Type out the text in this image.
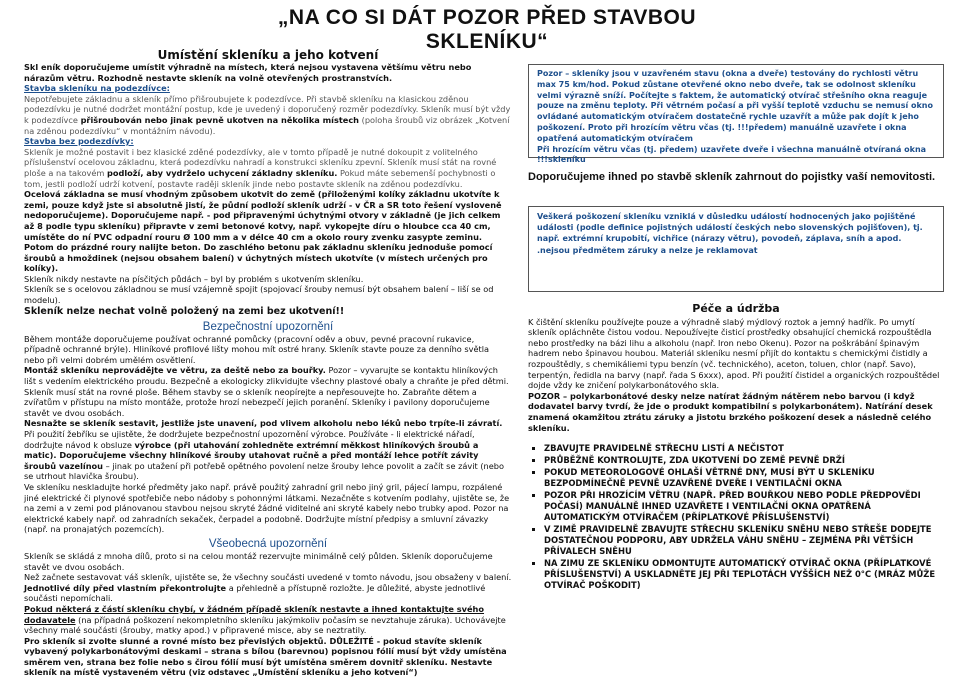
„NA CO SI DÁT POZOR PŘED STAVBOU SKLENÍKU“
Umístění skleníku a jeho kotvení

Skl eník doporučujeme umístit výhradně na místech, která nejsou vystavena většímu větru nebo nárazům větru. Rozhodně nestavte skleník na volně otevřených prostranstvích.

Stavba skleníku na podezdívce:

Nepotřebujete základnu a skleník přímo přišroubujete k podezdívce. Při stavbě skleníku na klasickou zděnou podezdívku je nutné dodržet montážní postup, kde je uvedený i doporučený rozměr podezdívky. Skleník musí být vždy k podezdívce přišroubován nebo jinak pevně ukotven na několika místech (poloha šroubů viz obrázek „Kotvení na zděnou podezdívku“ v montážním návodu).

Stavba bez podezdívky:

Skleník je možné postavit i bez klasické zděné podezdívky, ale v tomto případě je nutné dokoupit z volitelného příslušenství ocelovou základnu, která podezdívku nahradí a konstrukci skleníku zpevní. Skleník musí stát na rovné ploše a na takovém podloží, aby vydrželo uchycení základny skleníku. Pokud máte sebemenší pochybnosti o tom, jestli podloží udrží kotvení, postavte raději skleník jinde nebo postavte skleník na zděnou podezdívku.

Ocelová základna se musí vhodným způsobem ukotvit do země (přiloženými kolíky základnu ukotvíte k zemi, pouze když jste si absolutně jistí, že půdní podloží skleník udrží - v ČR a SR toto řešení vysloveně nedoporučujeme). Doporučujeme např. - pod připravenými úchytnými otvory v základně (je jich celkem až 8 podle typu skleníku) připravte v zemi betonové kotvy, např. vykopejte díru o hloubce cca 40 cm, umístěte do ní PVC odpadní rouru Ø 100 mm a v délce 40 cm a okolo roury zvenku zasypte zeminu. Potom do prázdné roury nalijte beton. Do zaschlého betonu pak základnu skleníku jednoduše pomocí šroubů a hmoždinek (nejsou obsahem balení) v úchytných místech ukotvíte (v místech určených pro kolíky).

Skleník nikdy nestavte na písčitých půdách – byl by problém s ukotvením skleníku.

Skleník se s ocelovou základnou se musí vzájemně spojit (spojovací šrouby nemusí být obsahem balení – liší se od modelu).

Skleník nelze nechat volně položený na zemi bez ukotvení!!

Bezpečnostní upozornění

Během montáže doporučujeme používat ochranné pomůcky (pracovní oděv a obuv, pevné pracovní rukavice, případně ochranné brýle). Hliníkové profilové lišty mohou mít ostré hrany. Skleník stavte pouze za denního světla nebo při velmi dobrém umělém osvětlení.

Montáž skleníku neprovádějte ve větru, za deště nebo za bouřky. Pozor – vyvarujte se kontaktu hliníkových lišt s vedením elektrického proudu. Bezpečně a ekologicky zlikvidujte všechny plastové obaly a chraňte je před dětmi. Skleník musí stát na rovné ploše. Během stavby se o skleník neopírejte a nepřesouvejte ho. Zabraňte dětem a zvířatům v přístupu na místo montáže, protože hrozí nebezpečí jejich poranění. Skleníky i pavilony doporučujeme stavět ve dvou osobách.

Nesnažte se skleník sestavit, jestliže jste unavení, pod vlivem alkoholu nebo léků nebo trpíte-li závratí. Při použití žebříku se ujistěte, že dodržujete bezpečnostní upozornění výrobce. Používáte - li elektrické nářadí, dodržujte návod k obsluze výrobce (při utahování zohledněte extrémní měkkost hliníkových šroubů a matic). Doporučujeme všechny hliníkové šrouby utahovat ručně a před montáží lehce potřít závity šroubů vazelínou – jinak po utažení při potřebě opětného povolení nelze šrouby lehce povolit a začít se závit (nebo se utrhout hlavička šroubu).

Ve skleníku neskladujte horké předměty jako např. právě použitý zahradní gril nebo jiný gril, pájecí lampu, rozpálené jiné elektrické či plynové spotřebiče nebo nádoby s pohonnými látkami. Nezačněte s kotvením podlahy, ujistěte se, že na zemi a v zemi pod plánovanou stavbou nejsou skryté žádné viditelné ani skryté kabely nebo trubky apod. Pozor na elektrické kabely např. od zahradních sekaček, čerpadel a podobně. Dodržujte místní předpisy a smluvní závazky (např. na pronajatých pozemcích).

Všeobecná upozornění

Skleník se skládá z mnoha dílů, proto si na celou montáž rezervujte minimálně celý půlden. Skleník doporučujeme stavět ve dvou osobách.

Než začnete sestavovat váš skleník, ujistěte se, že všechny součásti uvedené v tomto návodu, jsou obsaženy v balení.

Jednotlivé díly před vlastním překontrolujte a přehledně a přístupně rozložte. Je důležité, abyste jednotlivé součásti nepomíchali.

Pokud některá z částí skleníku chybí, v žádném případě skleník nestavte a ihned kontaktujte svého dodavatele (na případná poškození nekompletního skleníku jakýmkoliv počasím se nevztahuje záruka). Uchovávejte všechny malé součásti (šrouby, matky apod.) v připravené misce, aby se neztratily.

Pro skleník si zvolte slunné a rovné místo bez převislých objektů. DŮLEŽITÉ - pokud stavíte skleník vybavený polykarbonátovými deskami – strana s bílou (barevnou) popisnou fólií musí být vždy umístěna směrem ven, strana bez folie nebo s čirou fólií musí být umístěna směrem dovnitř skleníku. Nestavte skleník na místě vystaveném větru (viz odstavec „Umístění skleníku a jeho kotvení“)

Pozor – skleníky jsou v uzavřeném stavu (okna a dveře) testovány do rychlosti větru max 75 km/hod. Pokud zůstane otevřené okno nebo dveře, tak se odolnost skleníku velmi výrazně sníží. Počítejte s faktem, že automatický otvírač střešního okna reaguje pouze na změnu teploty. Při větrném počasí a při vyšší teplotě vzduchu se nemusí okno ovládané automatickým otvíračem dostatečně rychle uzavřít a může pak dojít k jeho poškození. Proto při hrozícím větru včas (tj. !!!předem) manuálně uzavřete i okna opatřená automatickým otvíračem
Při hrozícím větru včas (tj. předem) uzavřete dveře i všechna manuálně otvíraná okna !!!skleníku
Doporučujeme ihned po stavbě skleník zahrnout do pojistky vaší nemovitosti.
Veškerá poškození skleníku vzniklá v důsledku událostí hodnocených jako pojištěné události (podle definice pojistných událostí českých nebo slovenských pojišťoven), tj. např. extrémní krupobití, vichřice (nárazy větru), povodeň, záplava, sníh a apod. .nejsou předmětem záruky a nelze je reklamovat
Péče a údržba

K čištění skleníku používejte pouze a výhradně slabý mýdlový roztok a jemný hadřík. Po umytí skleník opláchněte čistou vodou. Nepoužívejte čisticí prostředky obsahující chemická rozpouštědla nebo prostředky na bázi lihu a alkoholu (např. Iron nebo Okenu). Pozor na poškrábání špinavým hadrem nebo špinavou houbou. Materiál skleníku nesmí přijít do kontaktu s chemickými čistidly a rozpouštědly, s chemikáliemi typu benzín (vč. technického), aceton, toluen, chlor (např. Savo), terpentýn, ředidla na barvy (např. řada S 6xxx), apod. Při použití čistidel a organických rozpouštědel dojde vždy ke zničení polykarbonátového skla.

POZOR – polykarbonátové desky nelze natírat žádným nátěrem nebo barvou (i když dodavatel barvy tvrdí, že jde o produkt kompatibilní s polykarbonátem). Natírání desek znamená okamžitou ztrátu záruky a jistotu brzkého poškození desek a následně celého skleníku.

▪ ZBAVUJTE PRAVIDELNĚ STŘECHU LISTÍ A NEČISTOT
▪ PRŮBĚŽNĚ KONTROLUJTE, ZDA UKOTVENÍ DO ZEMĚ PEVNĚ DRŽÍ
▪ POKUD METEOROLOGOVÉ OHLAŠÍ VĚTRNÉ DNY, MUSÍ BÝT U SKLENÍKU BEZPODMÍNEČNĚ PEVNĚ UZAVŘENÉ DVEŘE I VENTILAČNÍ OKNA
▪ POZOR PŘI HROZÍCÍM VĚTRU (NAPŘ. PŘED BOUŘKOU NEBO PODLE PŘEDPOVĚDI POČASÍ) MANUÁLNĚ IHNED UZAVŘETE I VENTILAČNÍ OKNA OPATŘENÁ AUTOMATICKÝM OTVÍRAČEM (PŘÍPLATKOVÉ PŘÍSLUŠENSTVÍ)
▪ V ZIMĚ PRAVIDELNĚ ZBAVUJTE STŘECHU SKLENÍKU SNĚHU NEBO STŘEŠE DODEJTE DOSTATEČNOU PODPORU, ABY UDRŽELA VÁHU SNĚHU – ZEJMÉNA PŘI VĚTŠÍCH PŘÍVALECH SNĚHU
▪ NA ZIMU ZE SKLENÍKU ODMONTUJTE AUTOMATICKÝ OTVÍRAČ OKNA (PŘÍPLATKOVÉ PŘÍSLUŠENSTVÍ) A USKLADNĚTE JEJ PŘI TEPLOTÁCH VYŠŠÍCH NEŽ 0°C (MRÁZ MŮŽE OTVÍRAČ POŠKODIT)
